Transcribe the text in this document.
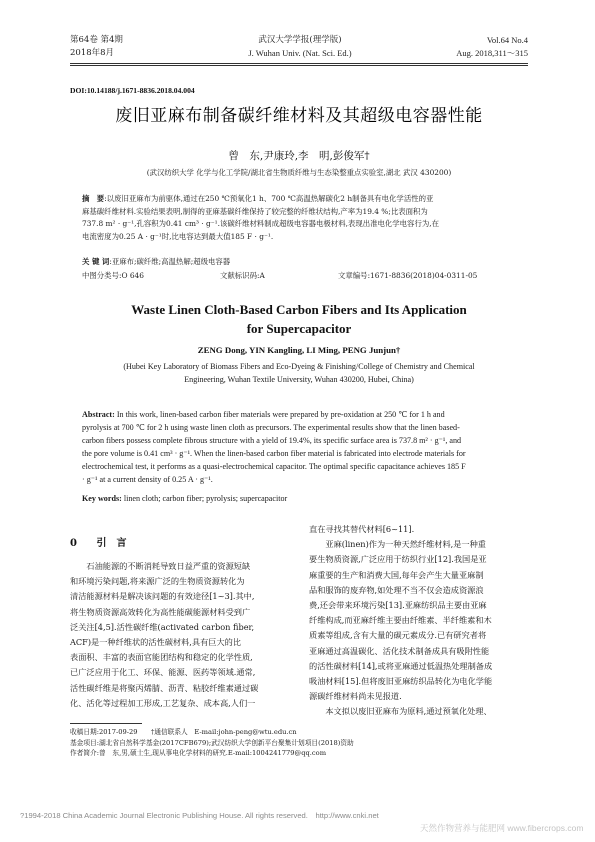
第64卷 第4期
2018年8月
武汉大学学报(理学版)
J. Wuhan Univ. (Nat. Sci. Ed.)
Vol.64 No.4
Aug. 2018,311～315
DOI:10.14188/j.1671-8836.2018.04.004
废旧亚麻布制备碳纤维材料及其超级电容器性能
曾　东,尹康玲,李　明,彭俊军†
(武汉纺织大学 化学与化工学院/湖北省生物质纤维与生态染整重点实验室,湖北 武汉 430200)
摘　要:以废旧亚麻布为前驱体,通过在250 ℃预氧化1 h、700 ℃高温热解碳化2 h制备具有电化学活性的亚
麻基碳纤维材料.实验结果表明,制得的亚麻基碳纤维保持了较完整的纤维状结构,产率为19.4 %;比表面积为
737.8 m² · g⁻¹,孔容积为0.41 cm³ · g⁻¹.该碳纤维材料制成超级电容器电极材料,表现出准电化学电容行为,在
电流密度为0.25 A · g⁻¹时,比电容达到最大值185 F · g⁻¹.
关 键 词:亚麻布;碳纤维;高温热解;超级电容器
中图分类号:O 646	文献标识码:A	文章编号:1671-8836(2018)04-0311-05
Waste Linen Cloth-Based Carbon Fibers and Its Application
for Supercapacitor
ZENG Dong, YIN Kangling, LI Ming, PENG Junjun†
(Hubei Key Laboratory of Biomass Fibers and Eco-Dyeing & Finishing/College of Chemistry and Chemical
Engineering, Wuhan Textile University, Wuhan 430200, Hubei, China)
Abstract: In this work, linen-based carbon fiber materials were prepared by pre-oxidation at 250 ℃ for 1 h and
pyrolysis at 700 ℃ for 2 h using waste linen cloth as precursors. The experimental results show that the linen based-
carbon fibers possess complete fibrous structure with a yield of 19.4%, its specific surface area is 737.8 m² · g⁻¹, and
the pore volume is 0.41 cm³ · g⁻¹. When the linen-based carbon fiber material is fabricated into electrode materials for
electrochemical test, it performs as a quasi-electrochemical capacitor. The optimal specific capacitance achieves 185 F
· g⁻¹ at a current density of 0.25 A · g⁻¹.
Key words: linen cloth; carbon fiber; pyrolysis; supercapacitor
0 引　言
　　石油能源的不断消耗导致日益严重的资源短缺
和环境污染问题,将来源广泛的生物质资源转化为
清洁能源材料是解决该问题的有效途径[1~3].其中,
将生物质资源高效转化为高性能碳能源材料受到广
泛关注[4,5].活性碳纤维(activated carbon fiber,
ACF)是一种纤维状的活性碳材料,具有巨大的比
表面积、丰富的表面官能团结构和稳定的化学性质,
已广泛应用于化工、环保、能源、医药等领域.通常,
活性碳纤维是将聚丙烯腈、沥青、粘胶纤维素通过碳
化、活化等过程加工形成,工艺复杂、成本高,人们一
直在寻找其替代材料[6~11].
　　亚麻(linen)作为一种天然纤维材料,是一种重
要生物质资源,广泛应用于纺织行业[12].我国是亚
麻重要的生产和消费大国,每年会产生大量亚麻制
品和服饰的废弃物,如处理不当不仅会造成资源浪
费,还会带来环境污染[13].亚麻纺织品主要由亚麻
纤维构成,而亚麻纤维主要由纤维素、半纤维素和木
质素等组成,含有大量的碳元素成分.已有研究者将
亚麻通过高温碳化、活化技术制备成具有吸附性能
的活性碳材料[14],或将亚麻通过低温热处理制备成
吸油材料[15].但将废旧亚麻纺织品转化为电化学能
源碳纤维材料尚未见报道.
　　本文拟以废旧亚麻布为原料,通过预氧化处理、
收稿日期:2017-09-29　　†通信联系人　E-mail:john-peng@wtu.edu.cn
基金项目:湖北省自然科学基金(2017CFB679);武汉纺织大学创新平台聚集计划项目(2018)资助
作者简介:曾　东,男,硕士生,现从事电化学材料的研究.E-mail:1004241779@qq.com
?1994-2018 China Academic Journal Electronic Publishing House. All rights reserved.　http://www.cnki.net
天然作物营养与能肥网 www.fibercrops.com
